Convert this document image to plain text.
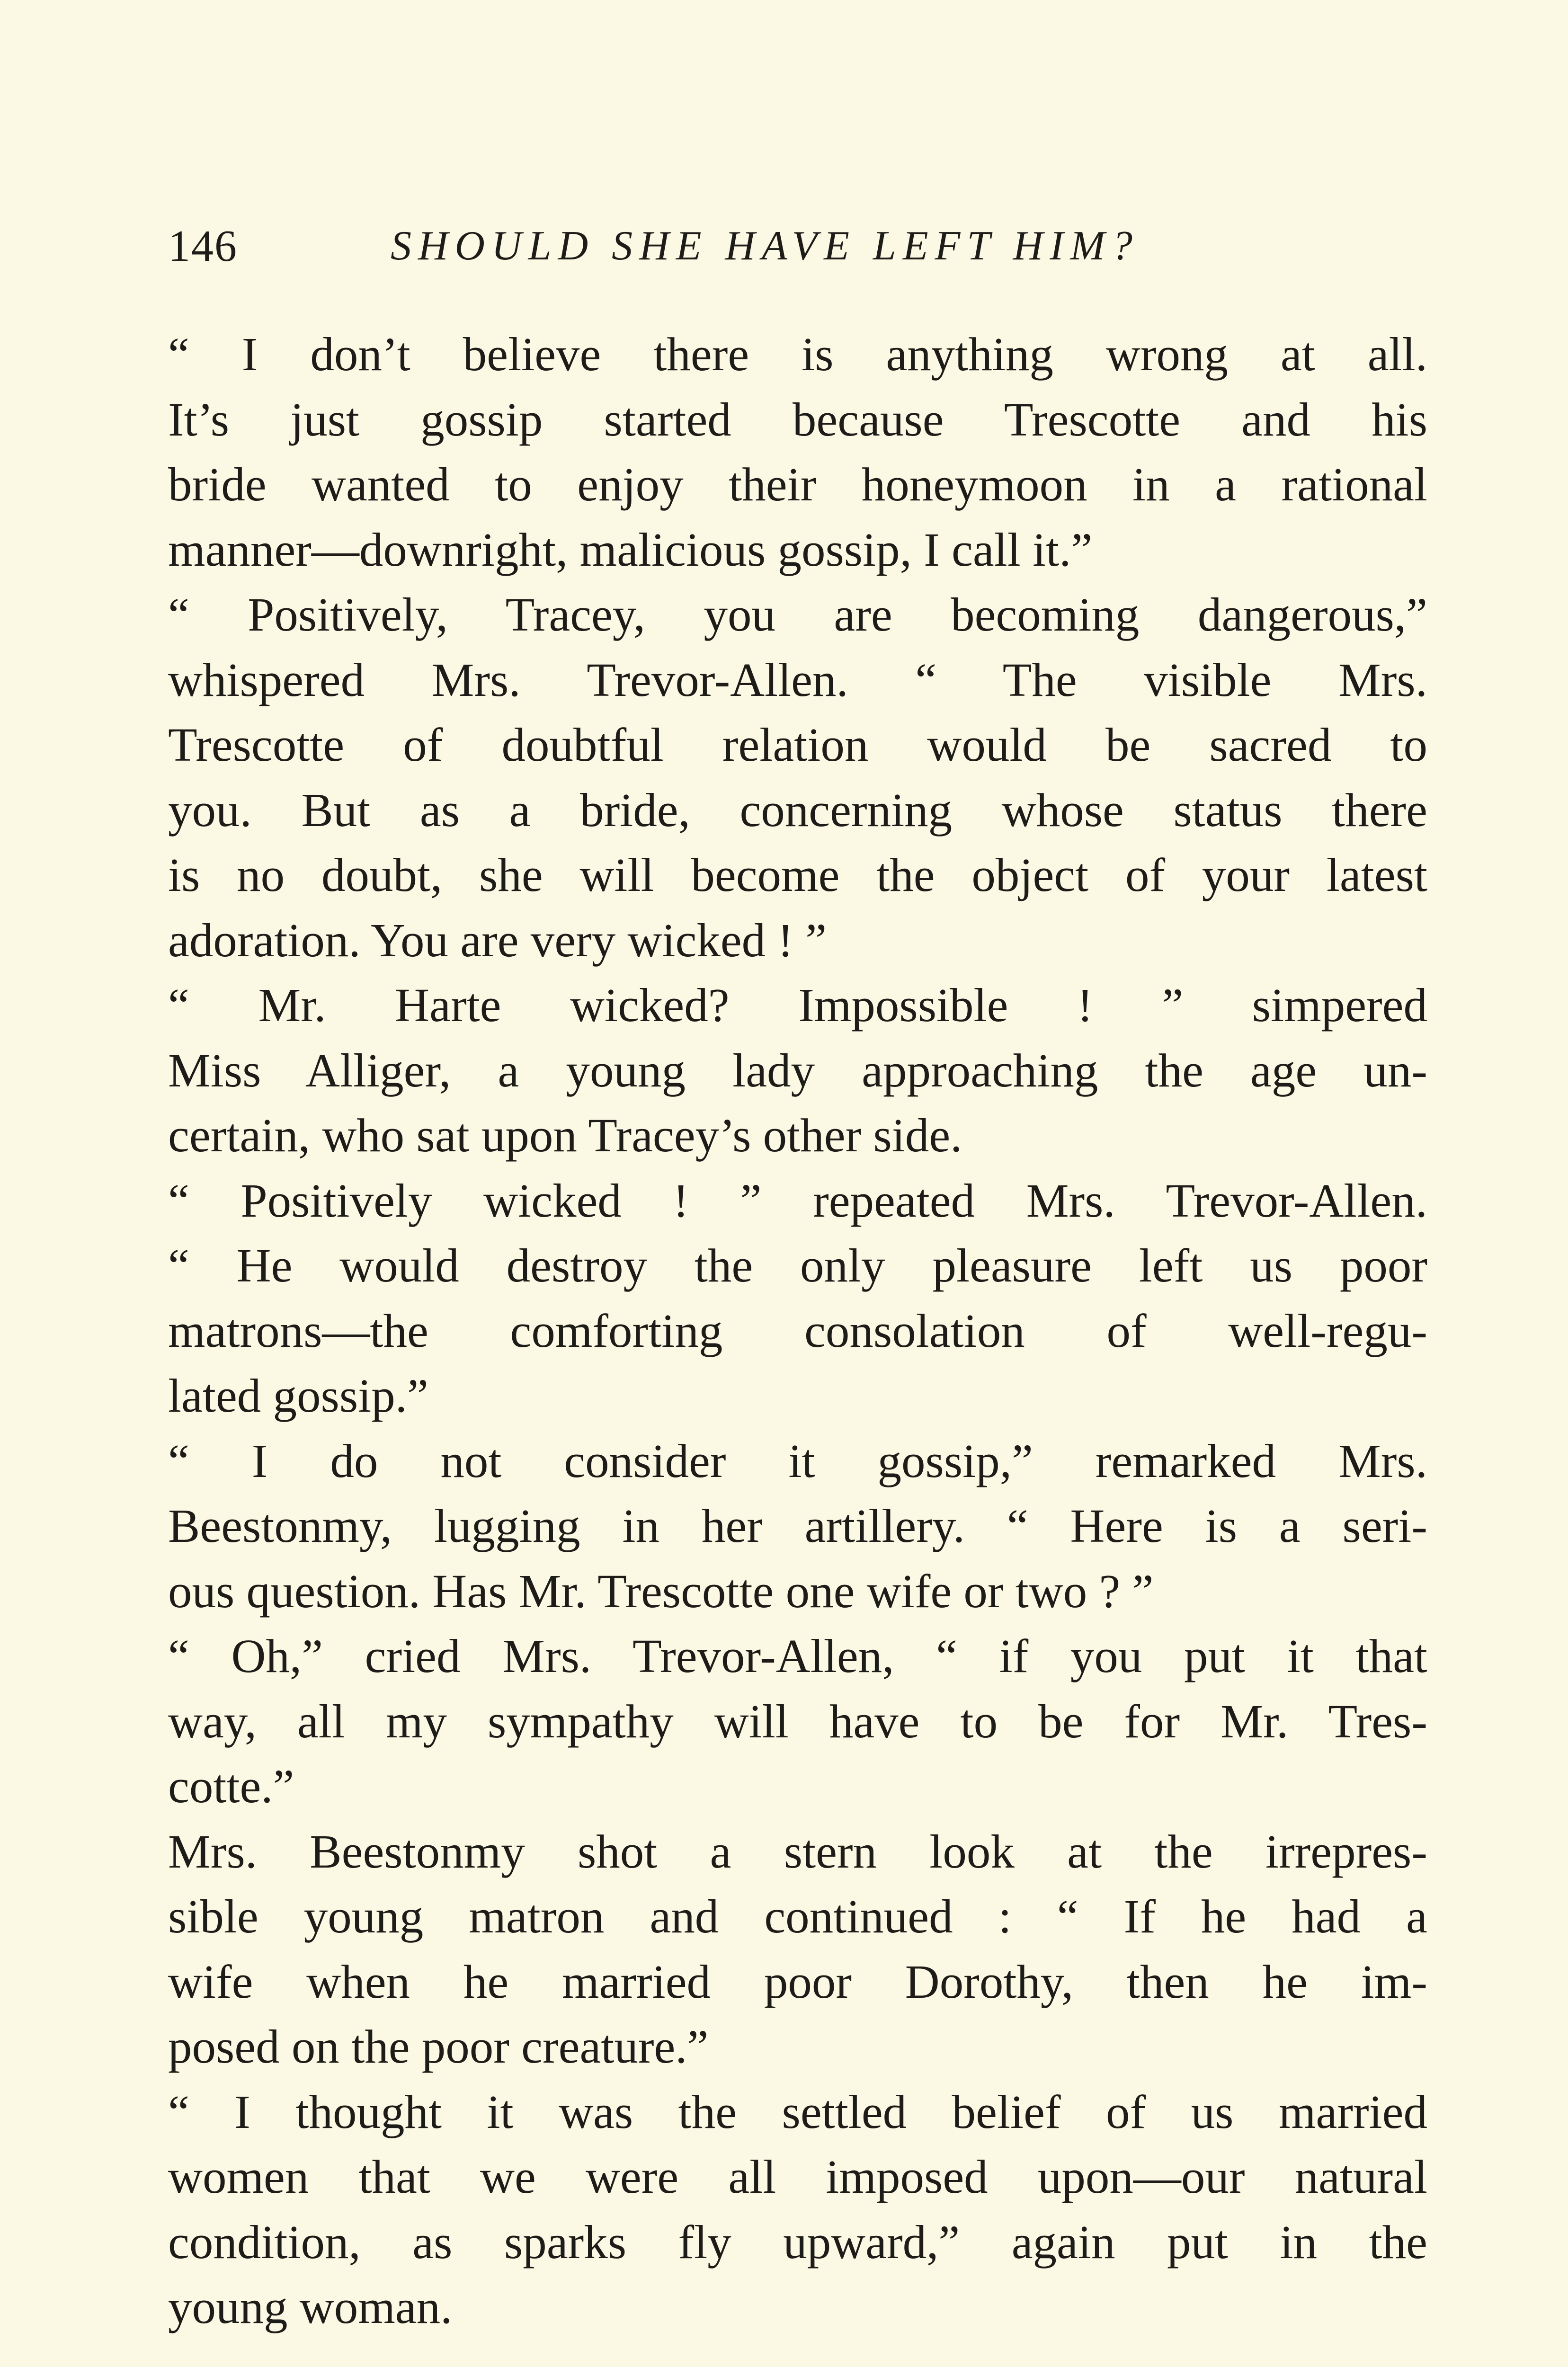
146	SHOULD SHE HAVE LEFT HIM?
“ I don’t believe there is anything wrong at all.
It’s just gossip started because Trescotte and his
bride wanted to enjoy their honeymoon in a rational
manner—downright, malicious gossip, I call it.”
“ Positively, Tracey, you are becoming dangerous,”
whispered Mrs. Trevor-Allen. “ The visible Mrs.
Trescotte of doubtful relation would be sacred to
you. But as a bride, concerning whose status there
is no doubt, she will become the object of your latest
adoration. You are very wicked ! ”
“ Mr. Harte wicked? Impossible ! ” simpered
Miss Alliger, a young lady approaching the age un-
certain, who sat upon Tracey’s other side.
“ Positively wicked ! ” repeated Mrs. Trevor-Allen.
“ He would destroy the only pleasure left us poor
matrons—the comforting consolation of well-regu-
lated gossip.”
“ I do not consider it gossip,” remarked Mrs.
Beestonmy, lugging in her artillery. “ Here is a seri-
ous question. Has Mr. Trescotte one wife or two ? ”
“ Oh,” cried Mrs. Trevor-Allen, “ if you put it that
way, all my sympathy will have to be for Mr. Tres-
cotte.”
Mrs. Beestonmy shot a stern look at the irrepres-
sible young matron and continued : “ If he had a
wife when he married poor Dorothy, then he im-
posed on the poor creature.”
“ I thought it was the settled belief of us married
women that we were all imposed upon—our natural
condition, as sparks fly upward,” again put in the
young woman.
